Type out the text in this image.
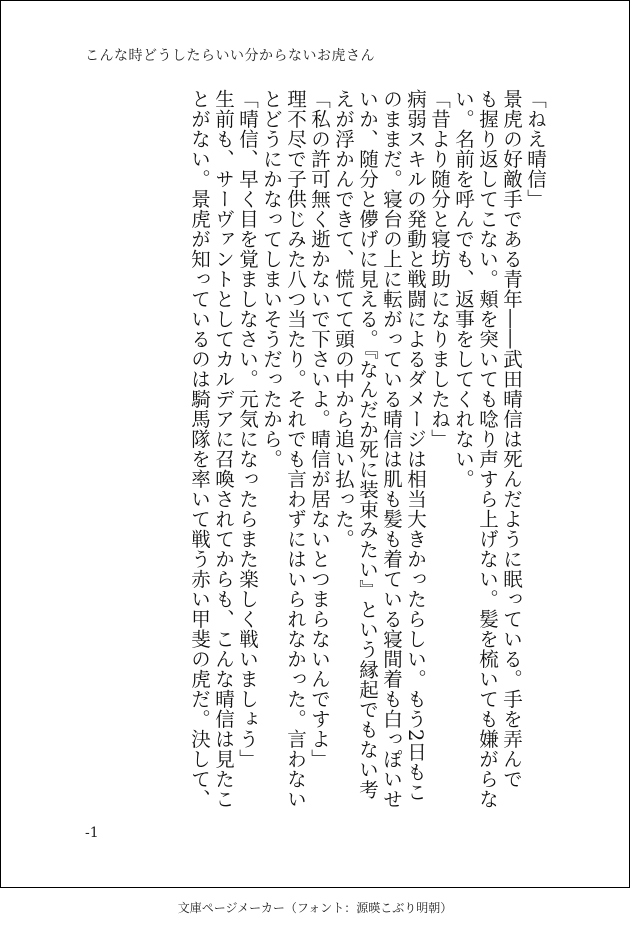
こんな時どうしたらいい分からないお虎さん
「ねえ晴信」
景虎の好敵手である青年――武田晴信は死んだように眠っている。手を弄んで
も握り返してこない。頬を突いても唸り声すら上げない。髪を梳いても嫌がらな
い。名前を呼んでも、返事をしてくれない。
「昔より随分と寝坊助になりましたね」
病弱スキルの発動と戦闘によるダメージは相当大きかったらしい。もう2日もこ
のままだ。寝台の上に転がっている晴信は肌も髪も着ている寝間着も白っぽいせ
いか、随分と儚げに見える。『なんだか死に装束みたい』という縁起でもない考
えが浮かんできて、慌てて頭の中から追い払った。
「私の許可無く逝かないで下さいよ。晴信が居ないとつまらないんですよ」
理不尽で子供じみた八つ当たり。それでも言わずにはいられなかった。言わない
とどうにかなってしまいそうだったから。
「晴信、早く目を覚ましなさい。元気になったらまた楽しく戦いましょう」
生前も、サーヴァントとしてカルデアに召喚されてからも、こんな晴信は見たこ
とがない。景虎が知っているのは騎馬隊を率いて戦う赤い甲斐の虎だ。決して、
-1
文庫ページメーカー（フォント：源暎こぶり明朝）
